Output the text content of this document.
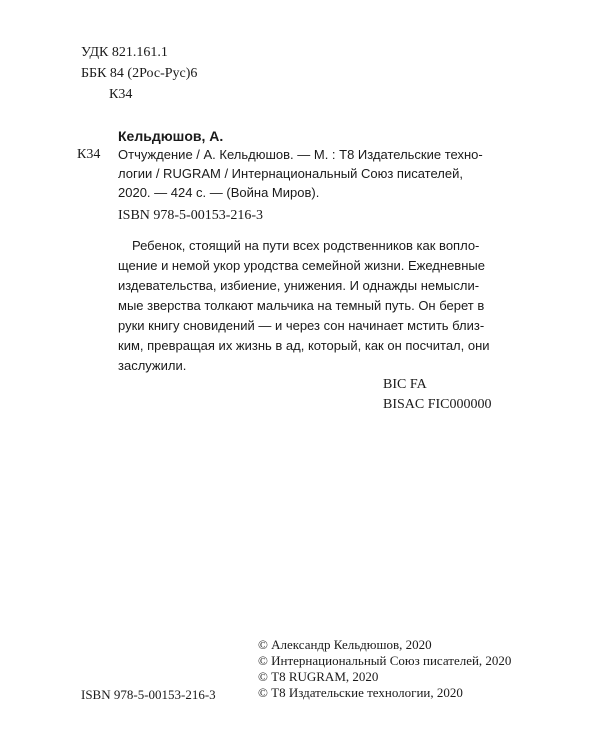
УДК 821.161.1
ББК 84 (2Рос-Рус)6
К34
К34
Кельдюшов, А.
Отчуждение / А. Кельдюшов. — М. : Т8 Издательские техно-
логии / RUGRAM / Интернациональный Союз писателей,
2020. — 424 с. — (Война Миров).
ISBN 978-5-00153-216-3
Ребенок, стоящий на пути всех родственников как вопло-
щение и немой укор уродства семейной жизни. Ежедневные
издевательства, избиение, унижения. И однажды немысли-
мые зверства толкают мальчика на темный путь. Он берет в
руки книгу сновидений — и через сон начинает мстить близ-
ким, превращая их жизнь в ад, который, как он посчитал, они
заслужили.
BIC FA
BISAC FIC000000
ISBN 978-5-00153-216-3
© Александр Кельдюшов, 2020
© Интернациональный Союз писателей, 2020
© Т8 RUGRAM, 2020
© Т8 Издательские технологии, 2020
